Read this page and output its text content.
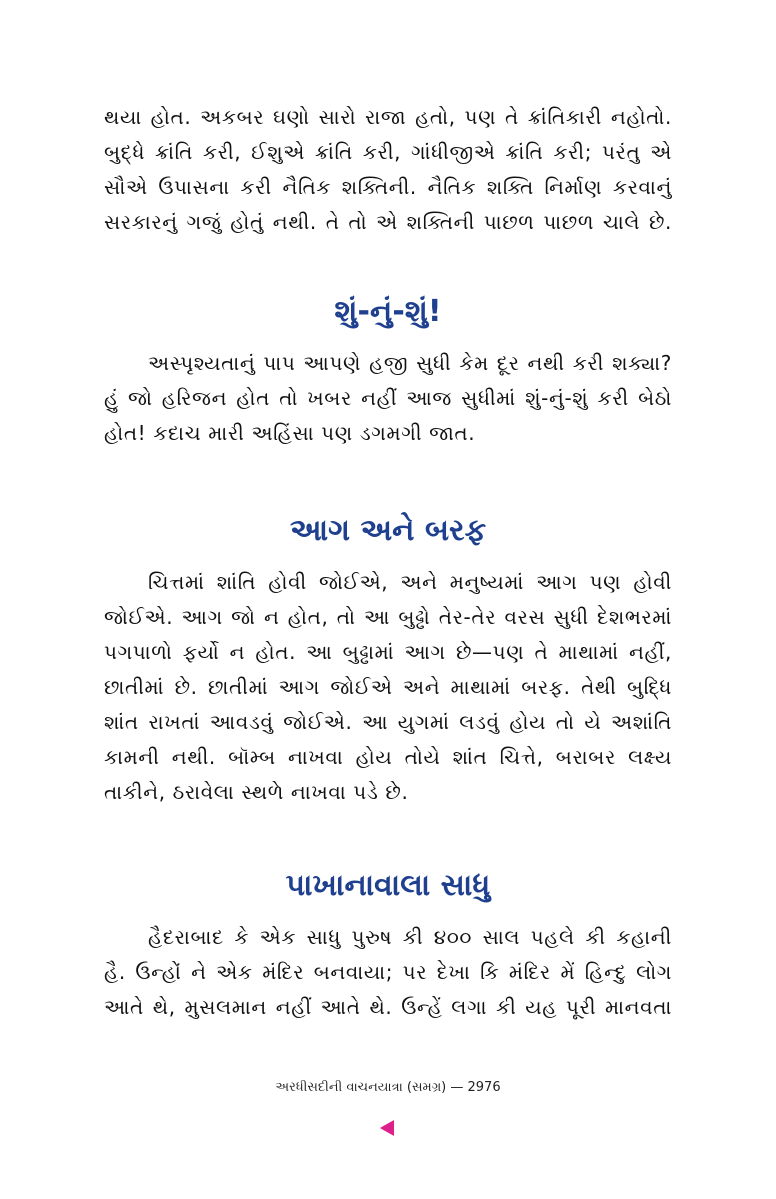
થયા હોત. અકબર ઘણો સારો રાજા હતો, પણ તે ક્રાંતિકારી નહોતો.
બુદ્ધે ક્રાંતિ કરી, ઈશુએ ક્રાંતિ કરી, ગાંધીજીએ ક્રાંતિ કરી; પરંતુ એ
સૌએ ઉપાસના કરી નૈતિક શક્તિની. નૈતિક શક્તિ નિર્માણ કરવાનું
સરકારનું ગજું હોતું નથી. તે તો એ શક્તિની પાછળ પાછળ ચાલે છે.

શું-નું-શું!

અસ્પૃશ્યતાનું પાપ આપણે હજી સુધી કેમ દૂર નથી કરી શક્યા?
હું જો હરિજન હોત તો ખબર નહીં આજ સુધીમાં શું-નું-શું કરી બેઠો
હોત! કદાચ મારી અહિંસા પણ ડગમગી જાત.

આગ અને બરફ

ચિત્તમાં શાંતિ હોવી જોઈએ, અને મનુષ્યમાં આગ પણ હોવી
જોઈએ. આગ જો ન હોત, તો આ બુઢ્ઢો તેર-તેર વરસ સુધી દેશભરમાં
પગપાળો ફર્યો ન હોત. આ બુઢ્ઢામાં આગ છે—પણ તે માથામાં નહીં,
છાતીમાં છે. છાતીમાં આગ જોઈએ અને માથામાં બરફ. તેથી બુદ્ધિ
શાંત રાખતાં આવડવું જોઈએ. આ યુગમાં લડવું હોય તો યે અશાંતિ
કામની નથી. બૉમ્બ નાખવા હોય તોયે શાંત ચિત્તે, બરાબર લક્ષ્ય
તાકીને, ઠરાવેલા સ્થળે નાખવા પડે છે.

પાખાનાવાલા સાધુ

હૈદરાબાદ કે એક સાધુ પુરુષ કી ૪૦૦ સાલ પહલે કી કહાની
હૈ. ઉન્હોં ને એક મંદિર બનવાયા; પર દેખા કિ મંદિર મેં હિન્દુ લોગ
આતે થે, મુસલમાન નહીં આતે થે. ઉન્હેં લગા કી યહ પૂરી માનવતા

અરધીસદીની વાચનયાત્રા (સમગ્ર) — 2976
